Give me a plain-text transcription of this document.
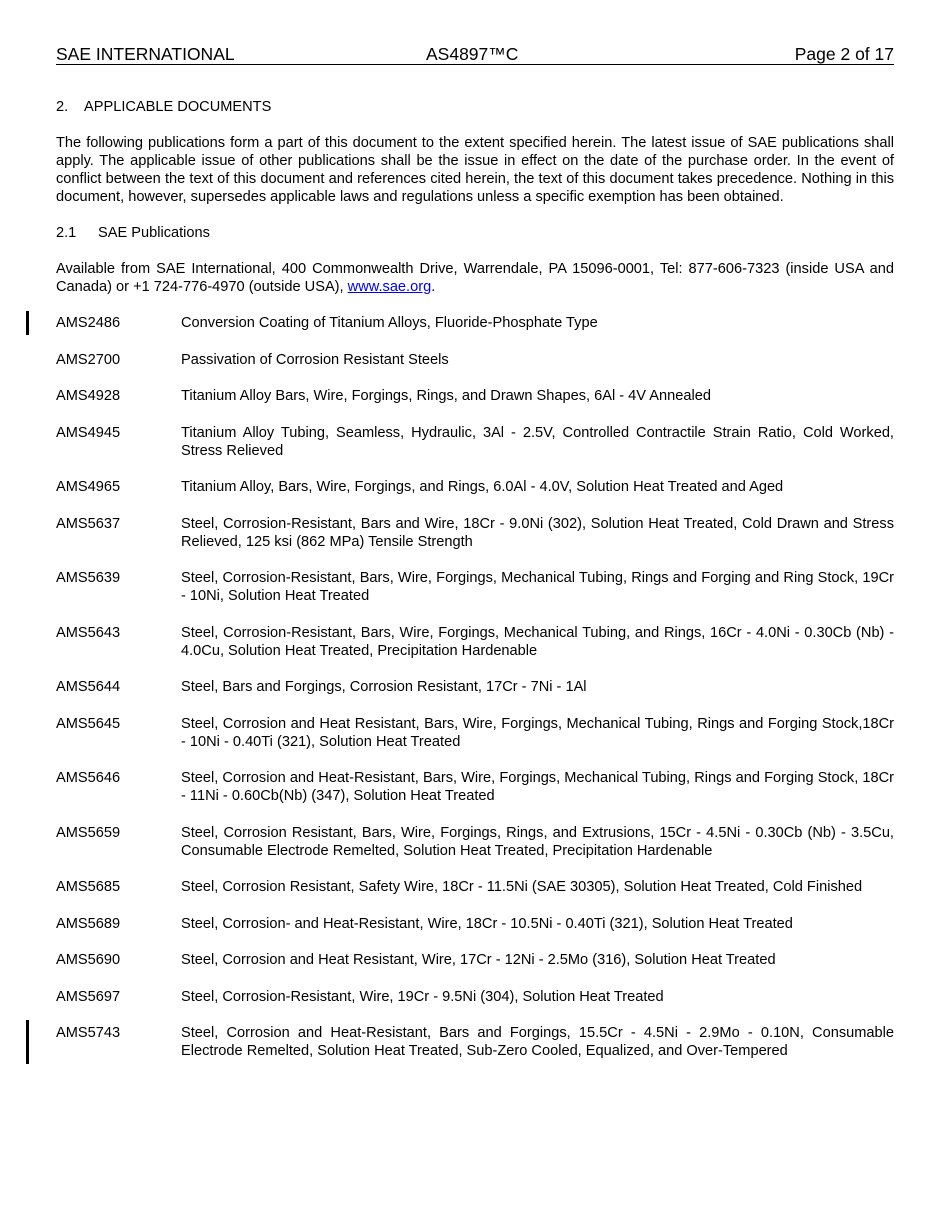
SAE INTERNATIONAL	AS4897™C	Page 2 of 17
2. APPLICABLE DOCUMENTS

The following publications form a part of this document to the extent specified herein. The latest issue of SAE publications shall apply. The applicable issue of other publications shall be the issue in effect on the date of the purchase order. In the event of conflict between the text of this document and references cited herein, the text of this document takes precedence. Nothing in this document, however, supersedes applicable laws and regulations unless a specific exemption has been obtained.

2.1 SAE Publications

Available from SAE International, 400 Commonwealth Drive, Warrendale, PA 15096-0001, Tel: 877-606-7323 (inside USA and Canada) or +1 724-776-4970 (outside USA), www.sae.org.

AMS2486	Conversion Coating of Titanium Alloys, Fluoride-Phosphate Type
AMS2700	Passivation of Corrosion Resistant Steels
AMS4928	Titanium Alloy Bars, Wire, Forgings, Rings, and Drawn Shapes, 6Al - 4V Annealed
AMS4945	Titanium Alloy Tubing, Seamless, Hydraulic, 3Al - 2.5V, Controlled Contractile Strain Ratio, Cold Worked, Stress Relieved
AMS4965	Titanium Alloy, Bars, Wire, Forgings, and Rings, 6.0Al - 4.0V, Solution Heat Treated and Aged
AMS5637	Steel, Corrosion-Resistant, Bars and Wire, 18Cr - 9.0Ni (302), Solution Heat Treated, Cold Drawn and Stress Relieved, 125 ksi (862 MPa) Tensile Strength
AMS5639	Steel, Corrosion-Resistant, Bars, Wire, Forgings, Mechanical Tubing, Rings and Forging and Ring Stock, 19Cr - 10Ni, Solution Heat Treated
AMS5643	Steel, Corrosion-Resistant, Bars, Wire, Forgings, Mechanical Tubing, and Rings, 16Cr - 4.0Ni - 0.30Cb (Nb) - 4.0Cu, Solution Heat Treated, Precipitation Hardenable
AMS5644	Steel, Bars and Forgings, Corrosion Resistant, 17Cr - 7Ni - 1Al
AMS5645	Steel, Corrosion and Heat Resistant, Bars, Wire, Forgings, Mechanical Tubing, Rings and Forging Stock,18Cr - 10Ni - 0.40Ti (321), Solution Heat Treated
AMS5646	Steel, Corrosion and Heat-Resistant, Bars, Wire, Forgings, Mechanical Tubing, Rings and Forging Stock, 18Cr - 11Ni - 0.60Cb(Nb) (347), Solution Heat Treated
AMS5659	Steel, Corrosion Resistant, Bars, Wire, Forgings, Rings, and Extrusions, 15Cr - 4.5Ni - 0.30Cb (Nb) - 3.5Cu, Consumable Electrode Remelted, Solution Heat Treated, Precipitation Hardenable
AMS5685	Steel, Corrosion Resistant, Safety Wire, 18Cr - 11.5Ni (SAE 30305), Solution Heat Treated, Cold Finished
AMS5689	Steel, Corrosion- and Heat-Resistant, Wire, 18Cr - 10.5Ni - 0.40Ti (321), Solution Heat Treated
AMS5690	Steel, Corrosion and Heat Resistant, Wire, 17Cr - 12Ni - 2.5Mo (316), Solution Heat Treated
AMS5697	Steel, Corrosion-Resistant, Wire, 19Cr - 9.5Ni (304), Solution Heat Treated
AMS5743	Steel, Corrosion and Heat-Resistant, Bars and Forgings, 15.5Cr - 4.5Ni - 2.9Mo - 0.10N, Consumable Electrode Remelted, Solution Heat Treated, Sub-Zero Cooled, Equalized, and Over-Tempered
